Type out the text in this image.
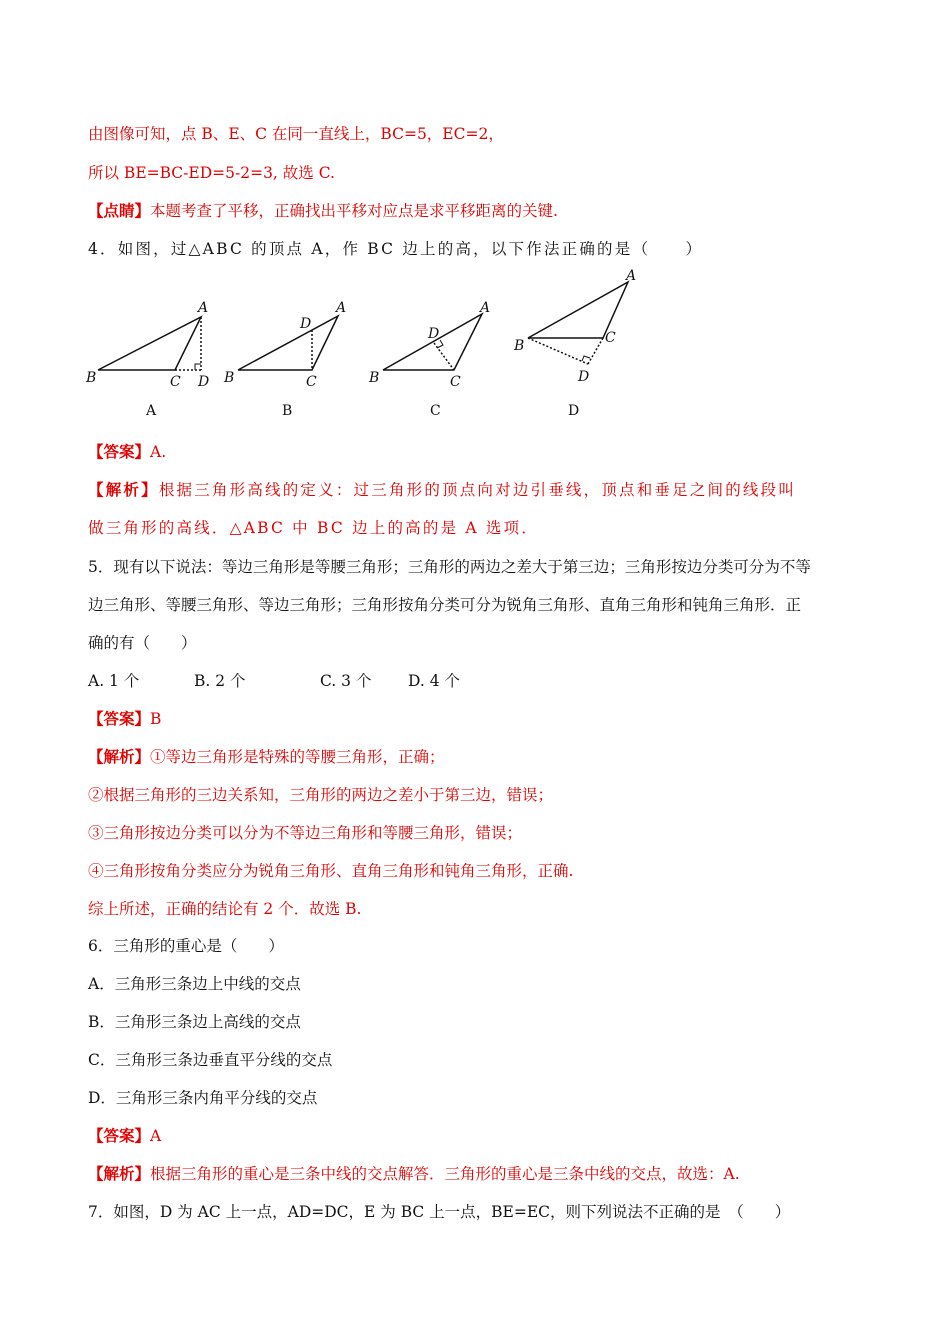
由图像可知，点 B、E、C 在同一直线上，BC=5，EC=2，
所以 BE=BC-ED=5-2=3, 故选 C.
【点睛】本题考查了平移，正确找出平移对应点是求平移距离的关键.
4．如图，过△ABC 的顶点 A，作 BC 边上的高，以下作法正确的是（　　）
B
A
C D B
A
D
C	B
A
D
C
A
B	C
D
A	B	C	D
【答案】A.
【解析】根据三角形高线的定义：过三角形的顶点向对边引垂线，顶点和垂足之间的线段叫
做三角形的高线．△ABC 中 BC 边上的高的是 A 选项．
5．现有以下说法：等边三角形是等腰三角形；三角形的两边之差大于第三边；三角形按边分类可分为不等
边三角形、等腰三角形、等边三角形；三角形按角分类可分为锐角三角形、直角三角形和钝角三角形．正
确的有（　　）
A. 1 个	B. 2 个	C. 3 个 D. 4 个
【答案】B
【解析】①等边三角形是特殊的等腰三角形，正确；
②根据三角形的三边关系知，三角形的两边之差小于第三边，错误；
③三角形按边分类可以分为不等边三角形和等腰三角形，错误；
④三角形按角分类应分为锐角三角形、直角三角形和钝角三角形，正确.
综上所述，正确的结论有 2 个．故选 B.
6．三角形的重心是（　　）
A．三角形三条边上中线的交点
B．三角形三条边上高线的交点
C．三角形三条边垂直平分线的交点
D．三角形三条内角平分线的交点
【答案】A
【解析】根据三角形的重心是三条中线的交点解答．三角形的重心是三条中线的交点，故选：A.
7．如图，D 为 AC 上一点，AD=DC，E 为 BC 上一点，BE=EC，则下列说法不正确的是　（　　）
